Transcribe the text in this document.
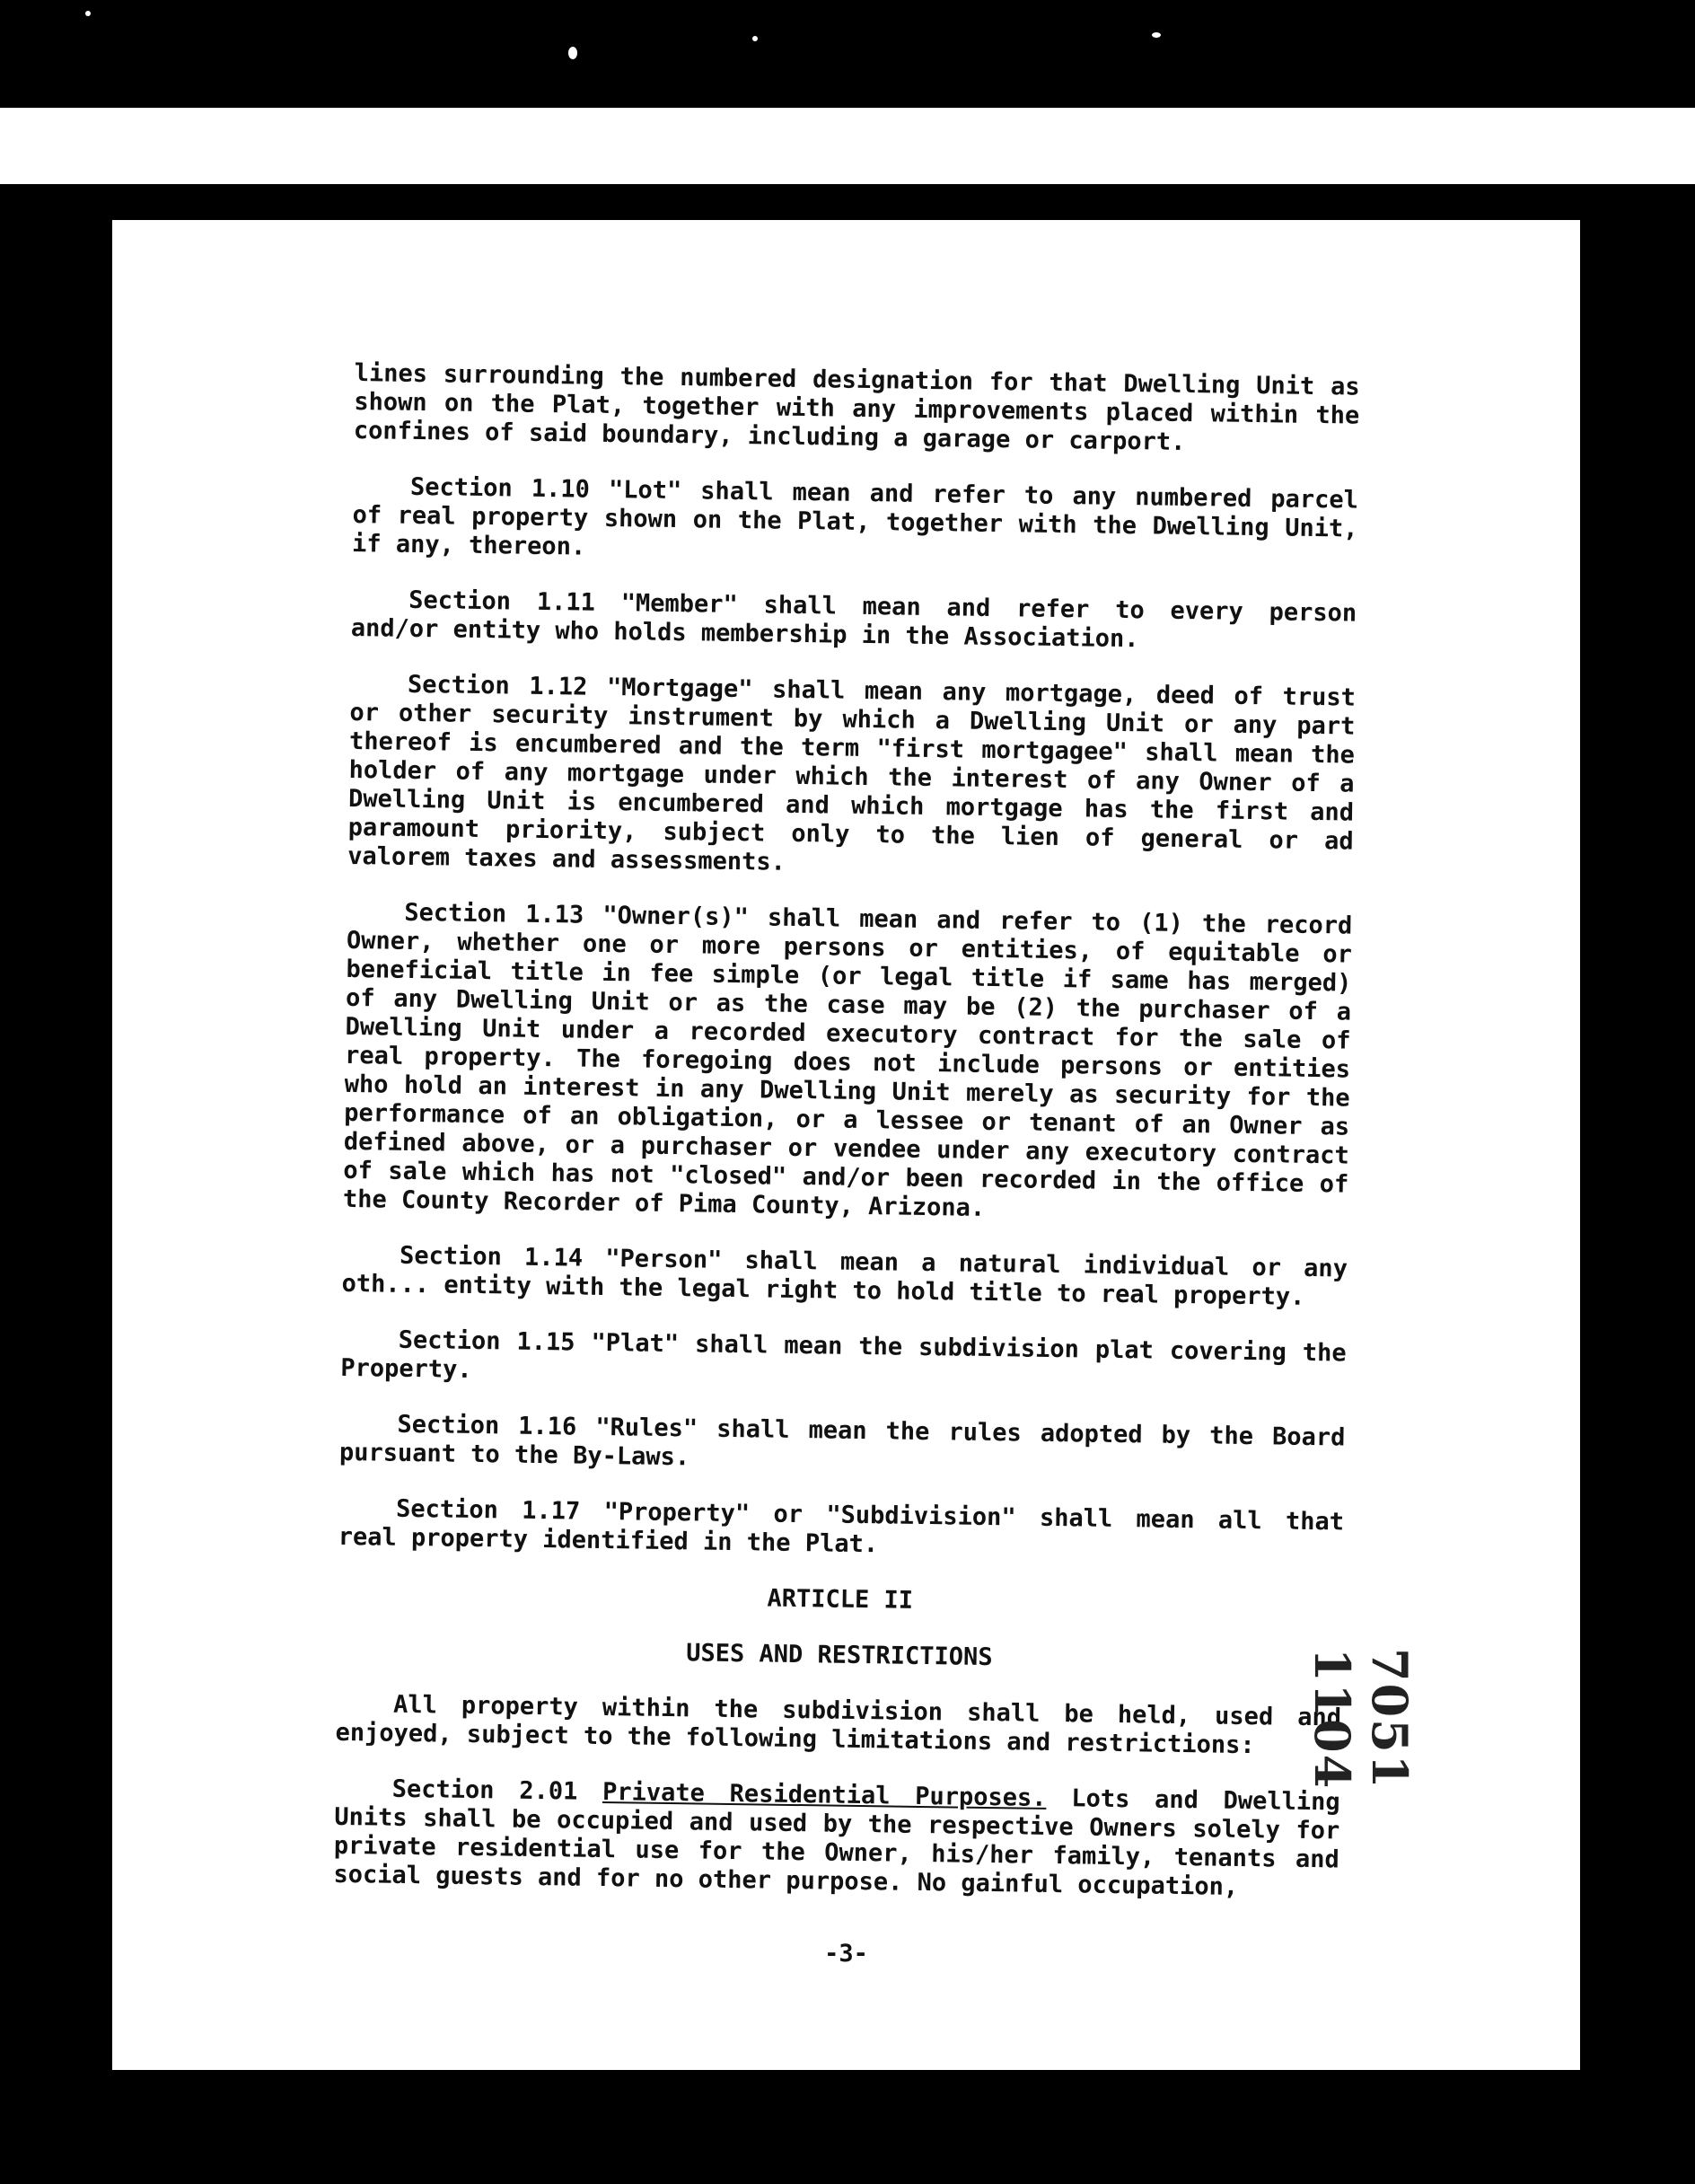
lines surrounding the numbered designation for that Dwelling Unit as shown on the Plat, together with any improvements placed within the confines of said boundary, including a garage or carport.

Section 1.10 "Lot" shall mean and refer to any numbered parcel of real property shown on the Plat, together with the Dwelling Unit, if any, thereon.

Section 1.11 "Member" shall mean and refer to every person and/or entity who holds membership in the Association.

Section 1.12 "Mortgage" shall mean any mortgage, deed of trust or other security instrument by which a Dwelling Unit or any part thereof is encumbered and the term "first mortgagee" shall mean the holder of any mortgage under which the interest of any Owner of a Dwelling Unit is encumbered and which mortgage has the first and paramount priority, subject only to the lien of general or ad valorem taxes and assessments.

Section 1.13 "Owner(s)" shall mean and refer to (1) the record Owner, whether one or more persons or entities, of equitable or beneficial title in fee simple (or legal title if same has merged) of any Dwelling Unit or as the case may be (2) the purchaser of a Dwelling Unit under a recorded executory contract for the sale of real property. The foregoing does not include persons or entities who hold an interest in any Dwelling Unit merely as security for the performance of an obligation, or a lessee or tenant of an Owner as defined above, or a purchaser or vendee under any executory contract of sale which has not "closed" and/or been recorded in the office of the County Recorder of Pima County, Arizona.

Section 1.14 "Person" shall mean a natural individual or any oth... entity with the legal right to hold title to real property.

Section 1.15 "Plat" shall mean the subdivision plat covering the Property.

Section 1.16 "Rules" shall mean the rules adopted by the Board pursuant to the By-Laws.

Section 1.17 "Property" or "Subdivision" shall mean all that real property identified in the Plat.

ARTICLE II
USES AND RESTRICTIONS

All property within the subdivision shall be held, used and enjoyed, subject to the following limitations and restrictions:

Section 2.01 Private Residential Purposes. Lots and Dwelling Units shall be occupied and used by the respective Owners solely for private residential use for the Owner, his/her family, tenants and social guests and for no other purpose. No gainful occupation,

-3-
7051 1104
